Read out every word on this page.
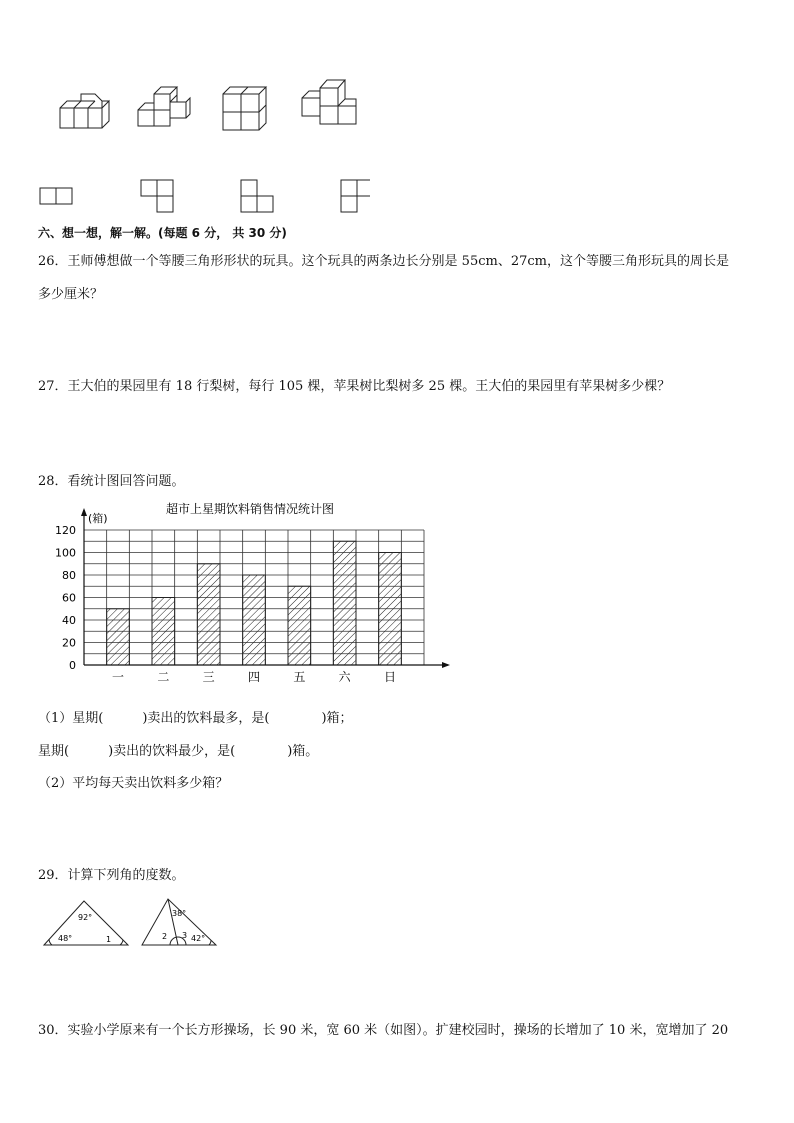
六、想一想，解一解。(每题 6 分， 共 30 分)
26．王师傅想做一个等腰三角形形状的玩具。这个玩具的两条边长分别是 55cm、27cm，这个等腰三角形玩具的周长是
多少厘米？
27．王大伯的果园里有 18 行梨树，每行 105 棵，苹果树比梨树多 25 棵。王大伯的果园里有苹果树多少棵？
28．看统计图回答问题。
超市上星期饮料销售情况统计图
(箱)
0
20
40
60
80
100
120
一	二	三	四	五	六	日
（1）星期(　　　)卖出的饮料最多，是(　　　　)箱；
星期(　　　)卖出的饮料最少，是(　　　　)箱。
（2）平均每天卖出饮料多少箱？
29．计算下列角的度数。
92°
48°	1
38°
2 3 42°
30．实验小学原来有一个长方形操场，长 90 米，宽 60 米（如图）。扩建校园时，操场的长增加了 10 米，宽增加了 20
